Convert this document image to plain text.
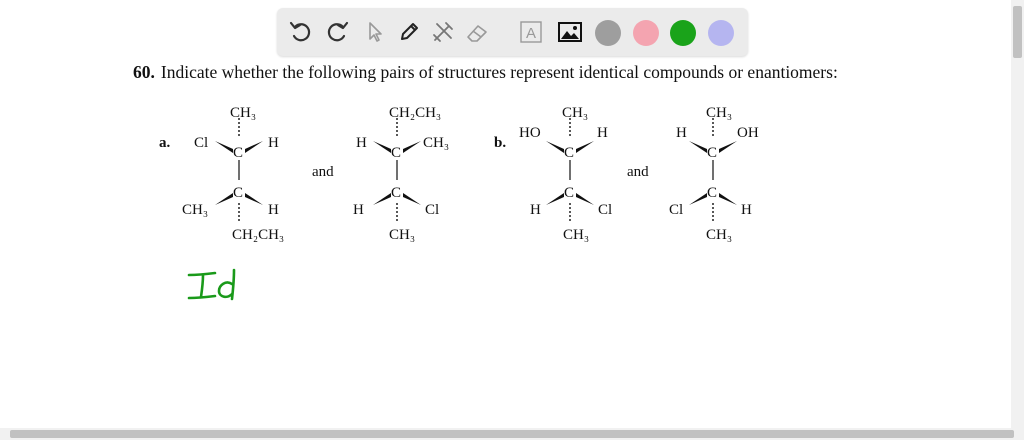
A
60. Indicate whether the following pairs of structures represent identical compounds or enantiomers:
a.
and
b.
and
CH₃
Cl	H
C
C
CH₃	H
CH₂CH₃
CH₂CH₃
H	CH₃
C
C
H	Cl
CH₃
CH₃
HO	H
C
C
H	Cl
CH₃
CH₃
H	OH
C
C
Cl	H
CH₃
